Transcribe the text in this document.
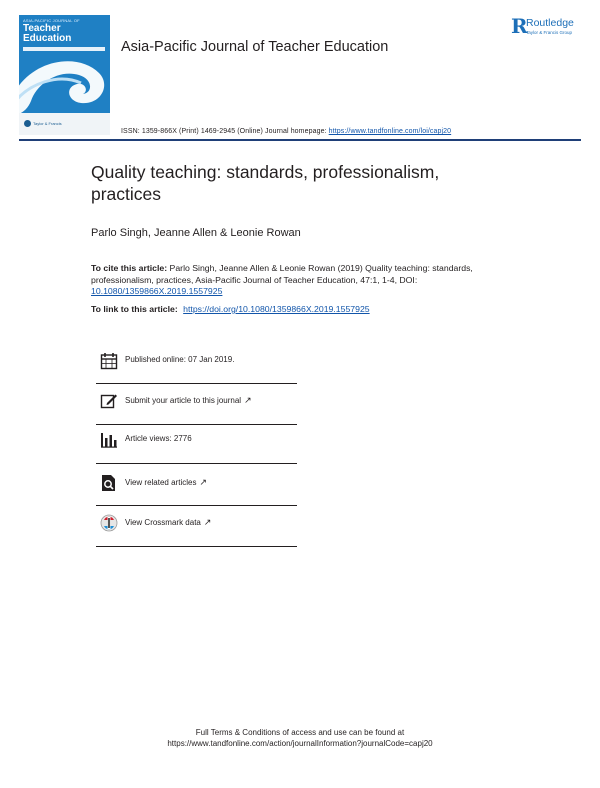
ASIA-PACIFIC JOURNAL OF
Teacher
Education
Taylor & Francis
Asia-Pacific Journal of Teacher Education
R
Routledge
Taylor & Francis Group
ISSN: 1359-866X (Print) 1469-2945 (Online) Journal homepage: https://www.tandfonline.com/loi/capj20
Quality teaching: standards, professionalism, practices
Parlo Singh, Jeanne Allen & Leonie Rowan
To cite this article: Parlo Singh, Jeanne Allen & Leonie Rowan (2019) Quality teaching: standards, professionalism, practices, Asia-Pacific Journal of Teacher Education, 47:1, 1-4, DOI: 10.1080/1359866X.2019.1557925
To link to this article: https://doi.org/10.1080/1359866X.2019.1557925
Published online: 07 Jan 2019.
Submit your article to this journal ↗
Article views: 2776
View related articles ↗
View Crossmark data ↗
Full Terms & Conditions of access and use can be found at
https://www.tandfonline.com/action/journalInformation?journalCode=capj20
